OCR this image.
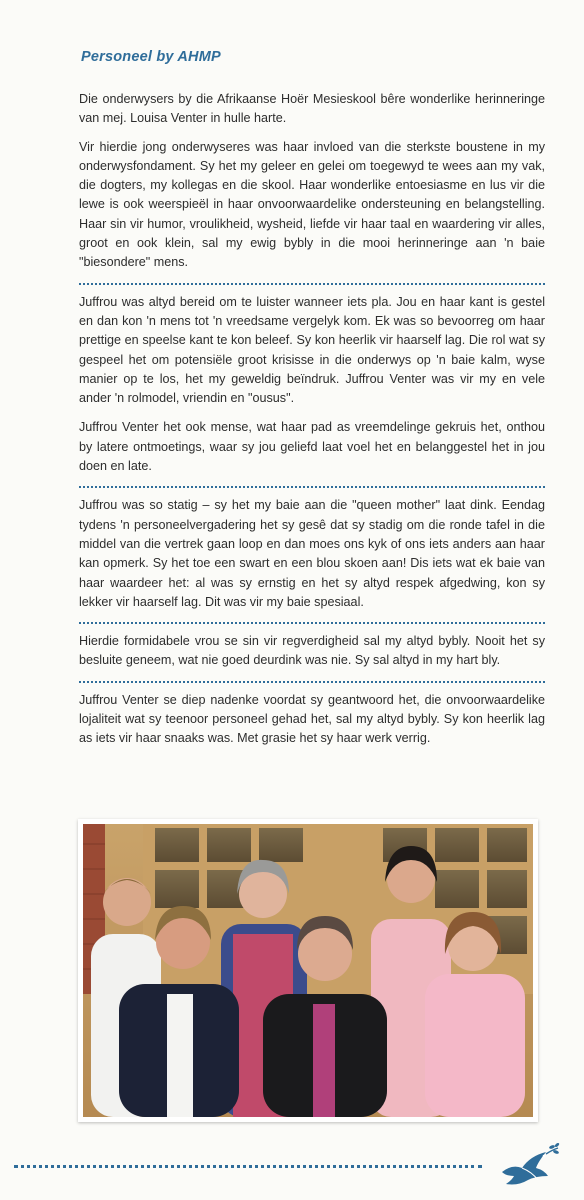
Personeel by AHMP

Die onderwysers by die Afrikaanse Hoër Mesieskool bêre wonderlike herinneringe van mej. Louisa Venter in hulle harte.

Vir hierdie jong onderwyseres was haar invloed van die sterkste boustene in my onderwysfondament. Sy het my geleer en gelei om toegewyd te wees aan my vak, die dogters, my kollegas en die skool. Haar wonderlike entoesiasme en lus vir die lewe is ook weerspieël in haar onvoorwaardelike ondersteuning en belangstelling. Haar sin vir humor, vroulikheid, wysheid, liefde vir haar taal en waardering vir alles, groot en ook klein, sal my ewig bybly in die mooi herinneringe aan 'n baie "biesondere" mens.

Juffrou was altyd bereid om te luister wanneer iets pla. Jou en haar kant is gestel en dan kon 'n mens tot 'n vreedsame vergelyk kom. Ek was so bevoorreg om haar prettige en speelse kant te kon beleef. Sy kon heerlik vir haarself lag. Die rol wat sy gespeel het om potensiële groot krisisse in die onderwys op 'n baie kalm, wyse manier op te los, het my geweldig beïndruk. Juffrou Venter was vir my en vele ander 'n rolmodel, vriendin en "ousus".

Juffrou Venter het ook mense, wat haar pad as vreemdelinge gekruis het, onthou by latere ontmoetings, waar sy jou geliefd laat voel het en belanggestel het in jou doen en late.

Juffrou was so statig – sy het my baie aan die "queen mother" laat dink. Eendag tydens 'n personeelvergadering het sy gesê dat sy stadig om die ronde tafel in die middel van die vertrek gaan loop en dan moes ons kyk of ons iets anders aan haar kan opmerk. Sy het toe een swart en een blou skoen aan! Dis iets wat ek baie van haar waardeer het: al was sy ernstig en het sy altyd respek afgedwing, kon sy lekker vir haarself lag. Dit was vir my baie spesiaal.

Hierdie formidabele vrou se sin vir regverdigheid sal my altyd bybly. Nooit het sy besluite geneem, wat nie goed deurdink was nie. Sy sal altyd in my hart bly.

Juffrou Venter se diep nadenke voordat sy geantwoord het, die onvoorwaardelike lojaliteit wat sy teenoor personeel gehad het, sal my altyd bybly. Sy kon heerlik lag as iets vir haar snaaks was. Met grasie het sy haar werk verrig.
